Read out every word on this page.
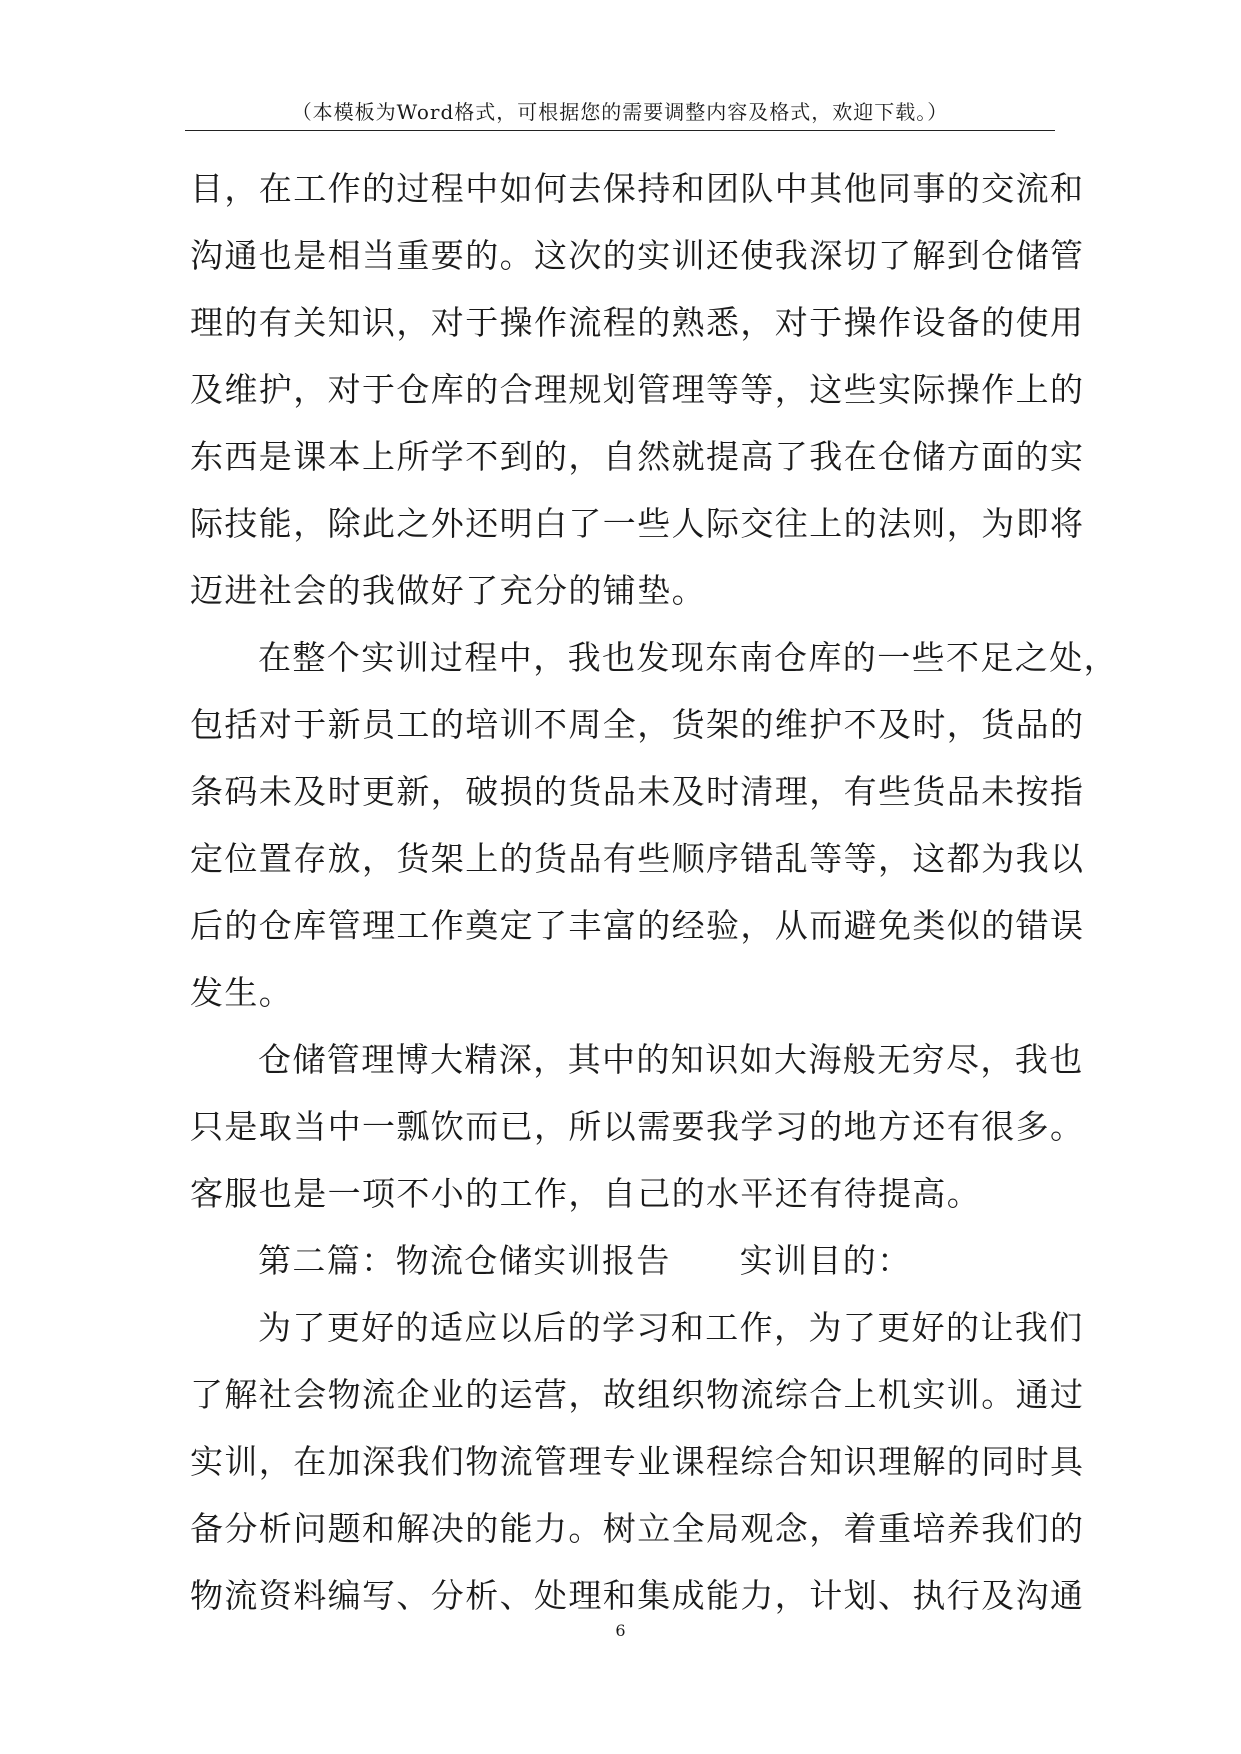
（本模板为Word格式，可根据您的需要调整内容及格式，欢迎下载。）
目，在工作的过程中如何去保持和团队中其他同事的交流和
沟通也是相当重要的。这次的实训还使我深切了解到仓储管
理的有关知识，对于操作流程的熟悉，对于操作设备的使用
及维护，对于仓库的合理规划管理等等，这些实际操作上的
东西是课本上所学不到的，自然就提高了我在仓储方面的实
际技能，除此之外还明白了一些人际交往上的法则，为即将
迈进社会的我做好了充分的铺垫。
在整个实训过程中，我也发现东南仓库的一些不足之处，
包括对于新员工的培训不周全，货架的维护不及时，货品的
条码未及时更新，破损的货品未及时清理，有些货品未按指
定位置存放，货架上的货品有些顺序错乱等等，这都为我以
后的仓库管理工作奠定了丰富的经验，从而避免类似的错误
发生。
仓储管理博大精深，其中的知识如大海般无穷尽，我也
只是取当中一瓢饮而已，所以需要我学习的地方还有很多。
客服也是一项不小的工作，自己的水平还有待提高。
第二篇：物流仓储实训报告　　实训目的：
为了更好的适应以后的学习和工作，为了更好的让我们
了解社会物流企业的运营，故组织物流综合上机实训。通过
实训，在加深我们物流管理专业课程综合知识理解的同时具
备分析问题和解决的能力。树立全局观念，着重培养我们的
物流资料编写、分析、处理和集成能力，计划、执行及沟通
6
